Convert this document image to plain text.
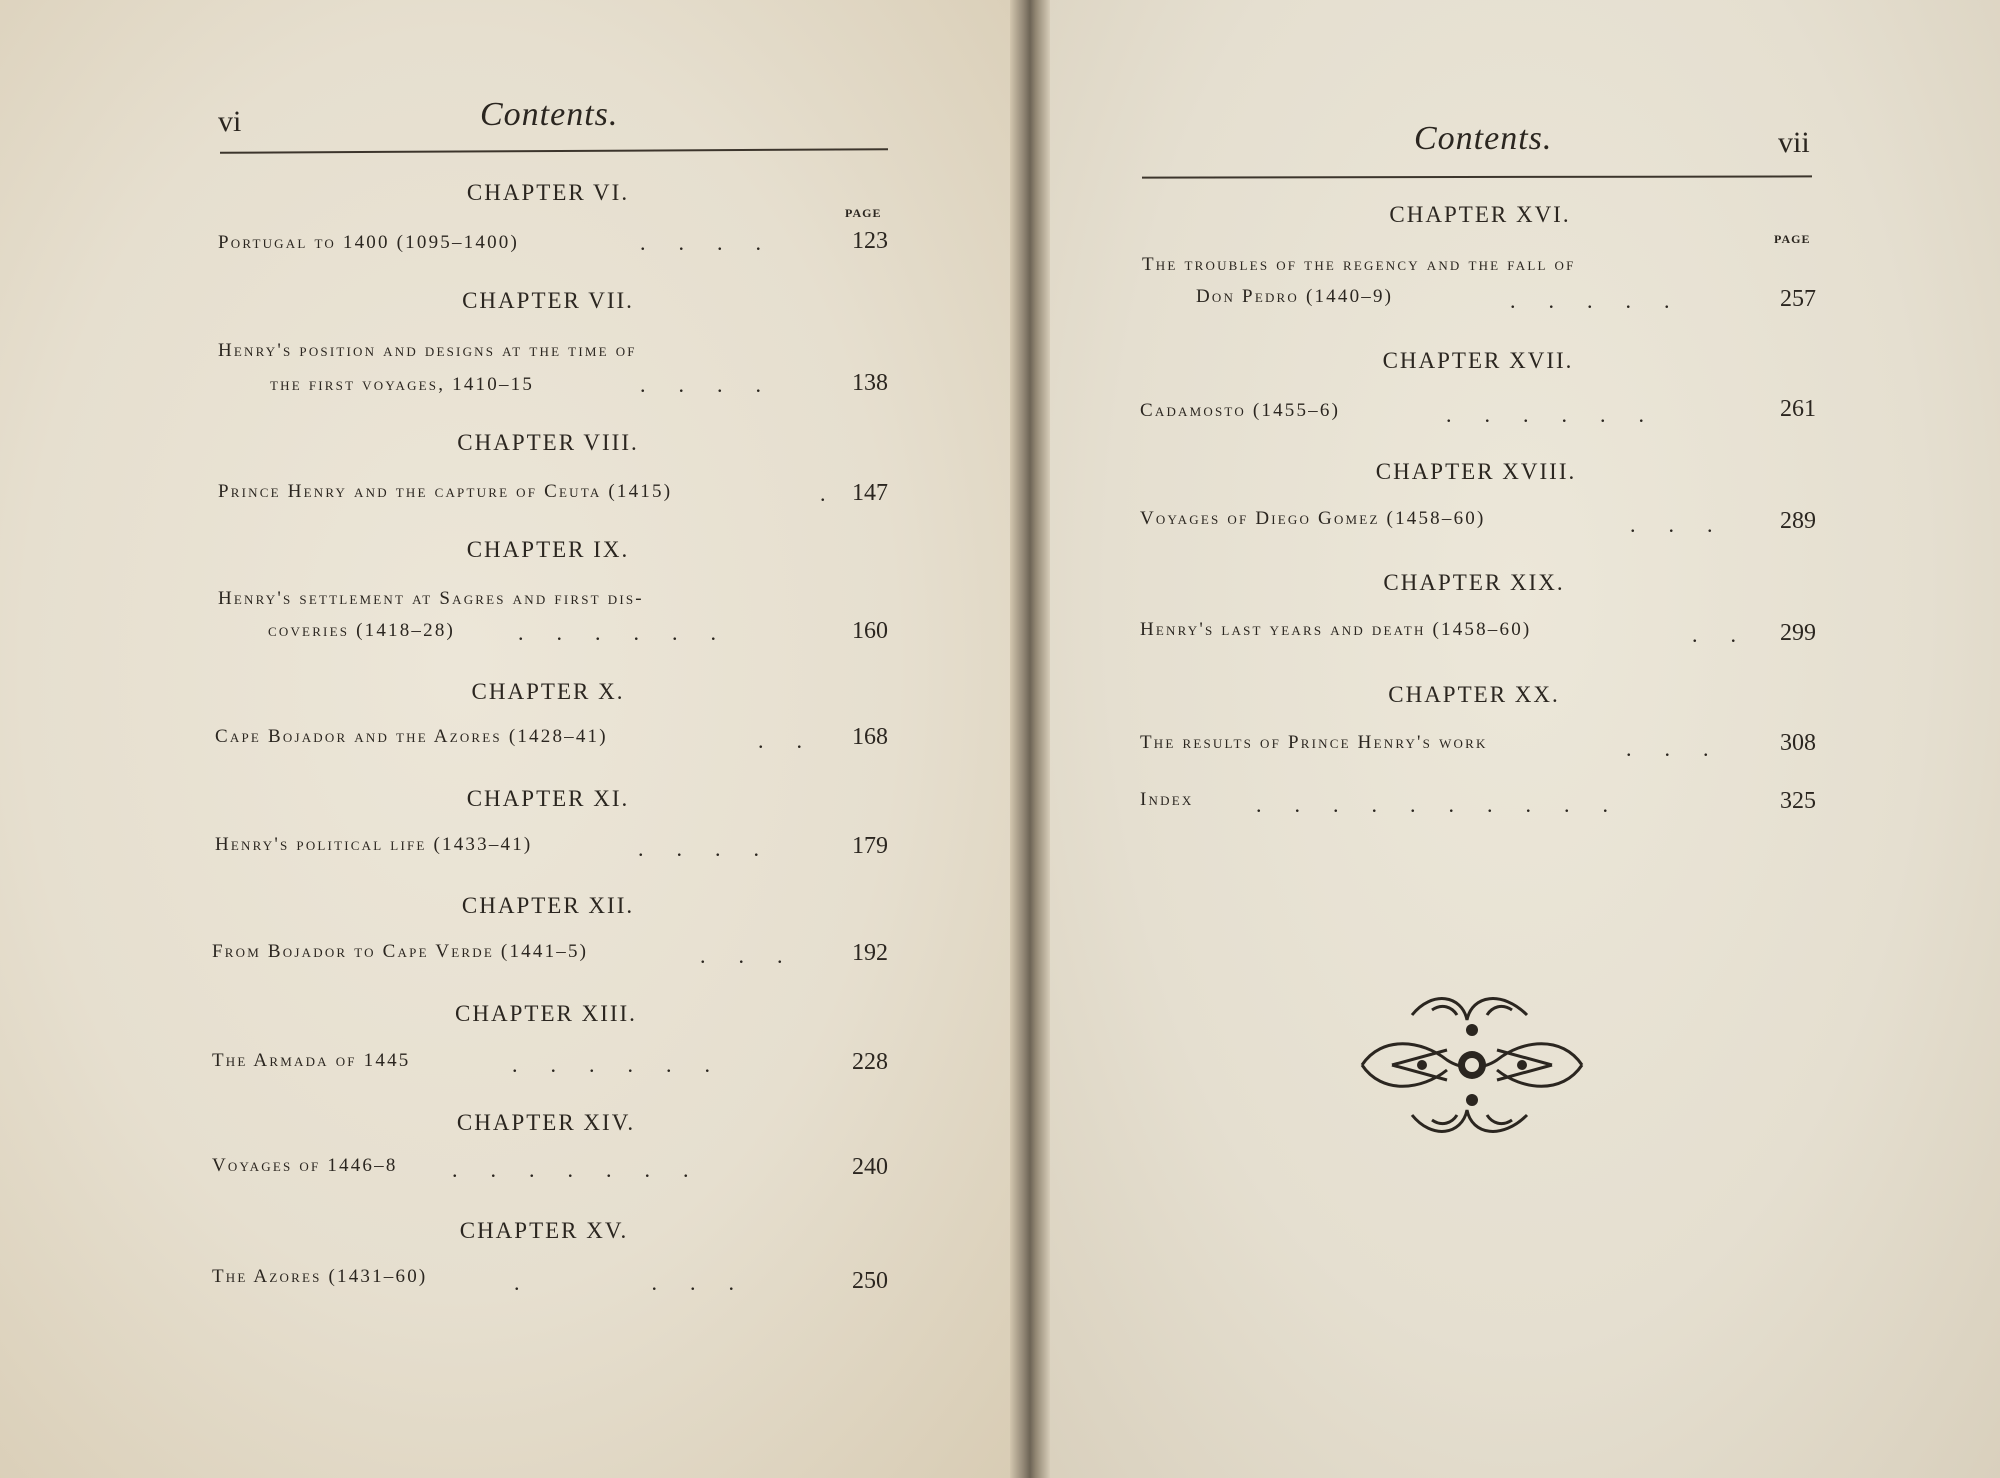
vi	Contents.
CHAPTER VI.
PAGE
Portugal to 1400 (1095–1400)	.      .      .      .	123
CHAPTER VII.
Henry's position and designs at the time of
the first voyages, 1410–15	.      .      .      .	138
CHAPTER VIII.
Prince Henry and the capture of Ceuta (1415)	.	147
CHAPTER IX.
Henry's settlement at Sagres and first dis-
coveries (1418–28)	.      .      .      .      .      .	160
CHAPTER X.
Cape Bojador and the Azores (1428–41)	.      .	168
CHAPTER XI.
Henry's political life (1433–41)	.      .      .      .	179
CHAPTER XII.
From Bojador to Cape Verde (1441–5)	.      .      .	192
CHAPTER XIII.
The Armada of 1445	.      .      .      .      .      .	228
CHAPTER XIV.
Voyages of 1446–8 .      .      .      .      .      .      .	240
CHAPTER XV.
The Azores (1431–60)	.                        .      .      .	250
Contents.	vii
CHAPTER XVI.
PAGE
The troubles of the regency and the fall of
Don Pedro (1440–9)	.      .      .      .      .	257
CHAPTER XVII.
Cadamosto (1455–6)	.      .      .      .      .      .	261
CHAPTER XVIII.
Voyages of Diego Gomez (1458–60)	.      .      .	289
CHAPTER XIX.
Henry's last years and death (1458–60)	.      .	299
CHAPTER XX.
The results of Prince Henry's work	.      .      .	308
Index	.      .      .      .      .      .      .      .      .      .	325
